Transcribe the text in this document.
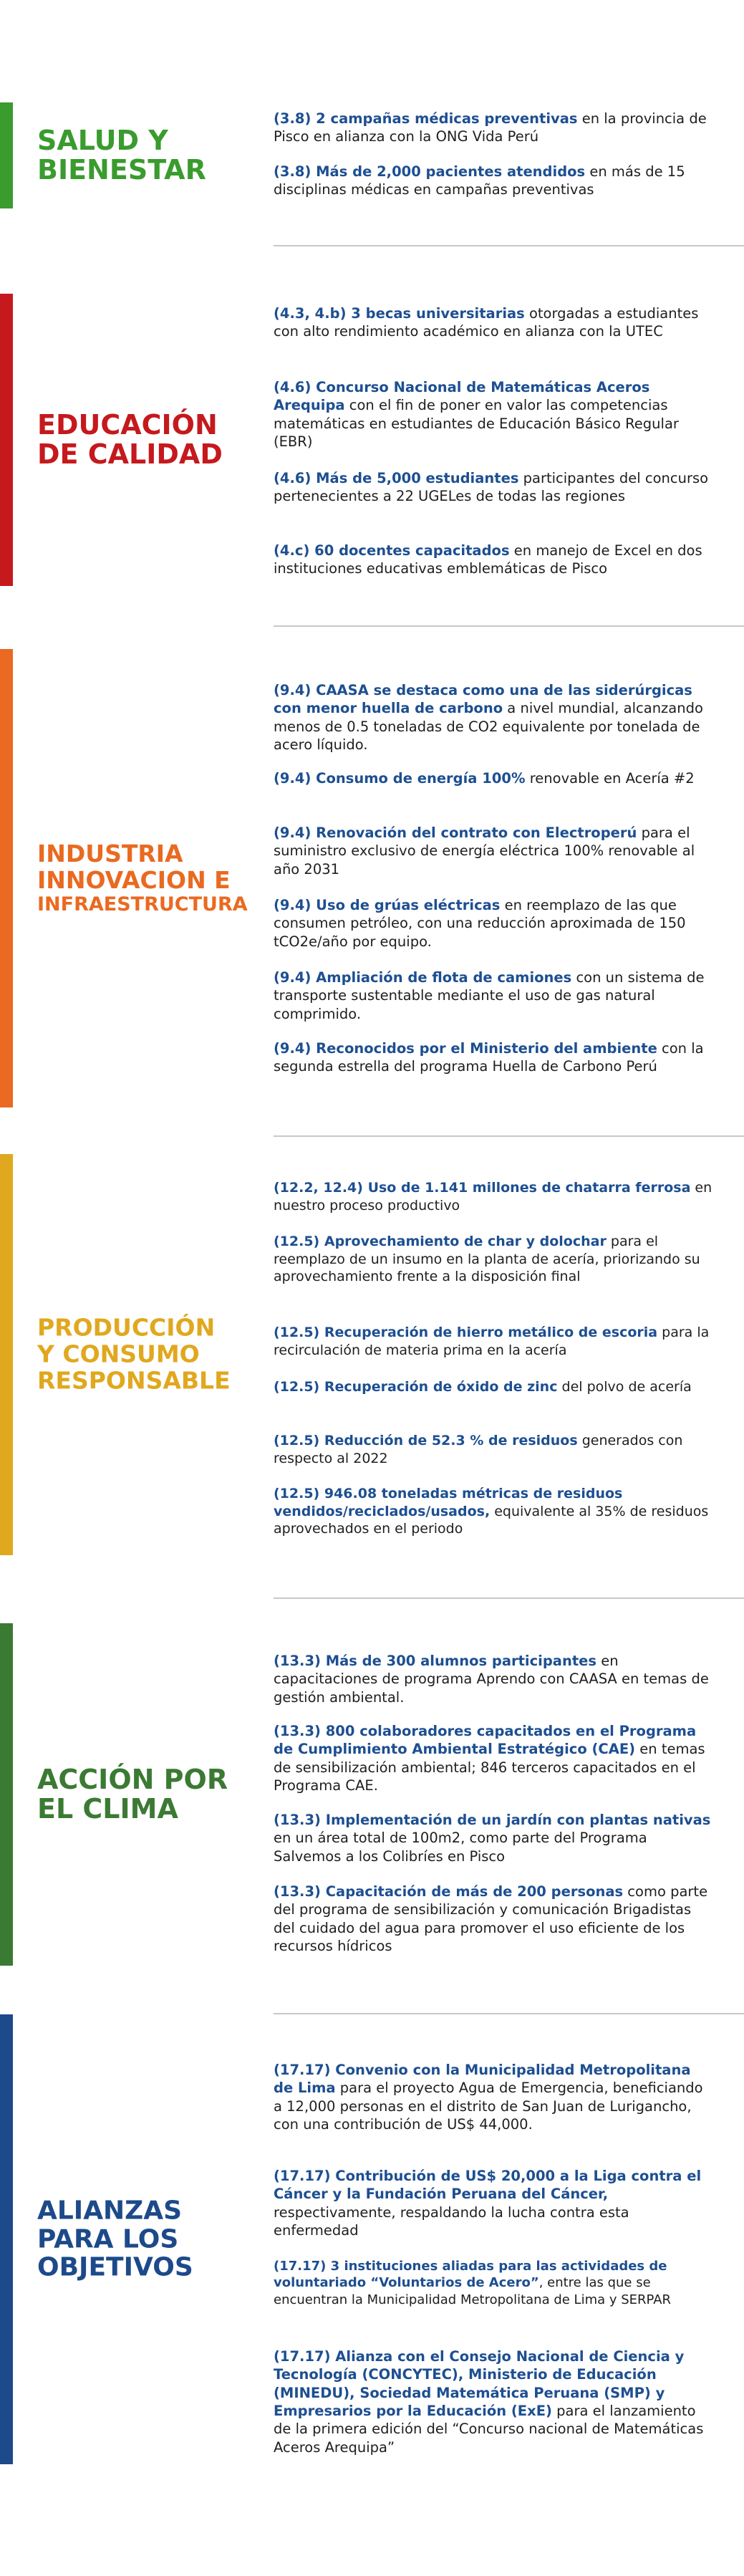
SALUD Y
BIENESTAR

(3.8) 2 campañas médicas preventivas en la provincia de Pisco en alianza con la ONG Vida Perú

(3.8) Más de 2,000 pacientes atendidos en más de 15 disciplinas médicas en campañas preventivas

EDUCACIÓN
DE CALIDAD

(4.3, 4.b) 3 becas universitarias otorgadas a estudiantes con alto rendimiento académico en alianza con la UTEC

(4.6) Concurso Nacional de Matemáticas Aceros Arequipa con el fin de poner en valor las competencias matemáticas en estudiantes de Educación Básico Regular (EBR)

(4.6) Más de 5,000 estudiantes participantes del concurso pertenecientes a 22 UGELes de todas las regiones

(4.c) 60 docentes capacitados en manejo de Excel en dos instituciones educativas emblemáticas de Pisco

INDUSTRIA
INNOVACION E
INFRAESTRUCTURA

(9.4) CAASA se destaca como una de las siderúrgicas con menor huella de carbono a nivel mundial, alcanzando menos de 0.5 toneladas de CO2 equivalente por tonelada de acero líquido.

(9.4) Consumo de energía 100% renovable en Acería #2

(9.4) Renovación del contrato con Electroperú para el suministro exclusivo de energía eléctrica 100% renovable al año 2031

(9.4) Uso de grúas eléctricas en reemplazo de las que consumen petróleo, con una reducción aproximada de 150 tCO2e/año por equipo.

(9.4) Ampliación de flota de camiones con un sistema de transporte sustentable mediante el uso de gas natural comprimido.

(9.4) Reconocidos por el Ministerio del ambiente con la segunda estrella del programa Huella de Carbono Perú

PRODUCCIÓN
Y CONSUMO
RESPONSABLE

(12.2, 12.4) Uso de 1.141 millones de chatarra ferrosa en nuestro proceso productivo

(12.5) Aprovechamiento de char y dolochar para el reemplazo de un insumo en la planta de acería, priorizando su aprovechamiento frente a la disposición final

(12.5) Recuperación de hierro metálico de escoria para la recirculación de materia prima en la acería

(12.5) Recuperación de óxido de zinc del polvo de acería

(12.5) Reducción de 52.3 % de residuos generados con respecto al 2022

(12.5) 946.08 toneladas métricas de residuos vendidos/reciclados/usados, equivalente al 35% de residuos aprovechados en el periodo

ACCIÓN POR
EL CLIMA

(13.3) Más de 300 alumnos participantes en capacitaciones de programa Aprendo con CAASA en temas de gestión ambiental.

(13.3) 800 colaboradores capacitados en el Programa de Cumplimiento Ambiental Estratégico (CAE) en temas de sensibilización ambiental; 846 terceros capacitados en el Programa CAE.

(13.3) Implementación de un jardín con plantas nativas en un área total de 100m2, como parte del Programa Salvemos a los Colibríes en Pisco

(13.3) Capacitación de más de 200 personas como parte del programa de sensibilización y comunicación Brigadistas del cuidado del agua para promover el uso eficiente de los recursos hídricos

ALIANZAS
PARA LOS
OBJETIVOS

(17.17) Convenio con la Municipalidad Metropolitana de Lima para el proyecto Agua de Emergencia, beneficiando a 12,000 personas en el distrito de San Juan de Lurigancho, con una contribución de US$ 44,000.

(17.17) Contribución de US$ 20,000 a la Liga contra el Cáncer y la Fundación Peruana del Cáncer, respectivamente, respaldando la lucha contra esta enfermedad

(17.17) 3 instituciones aliadas para las actividades de voluntariado “Voluntarios de Acero”, entre las que se encuentran la Municipalidad Metropolitana de Lima y SERPAR

(17.17) Alianza con el Consejo Nacional de Ciencia y Tecnología (CONCYTEC), Ministerio de Educación (MINEDU), Sociedad Matemática Peruana (SMP) y Empresarios por la Educación (ExE) para el lanzamiento de la primera edición del “Concurso nacional de Matemáticas Aceros Arequipa”
